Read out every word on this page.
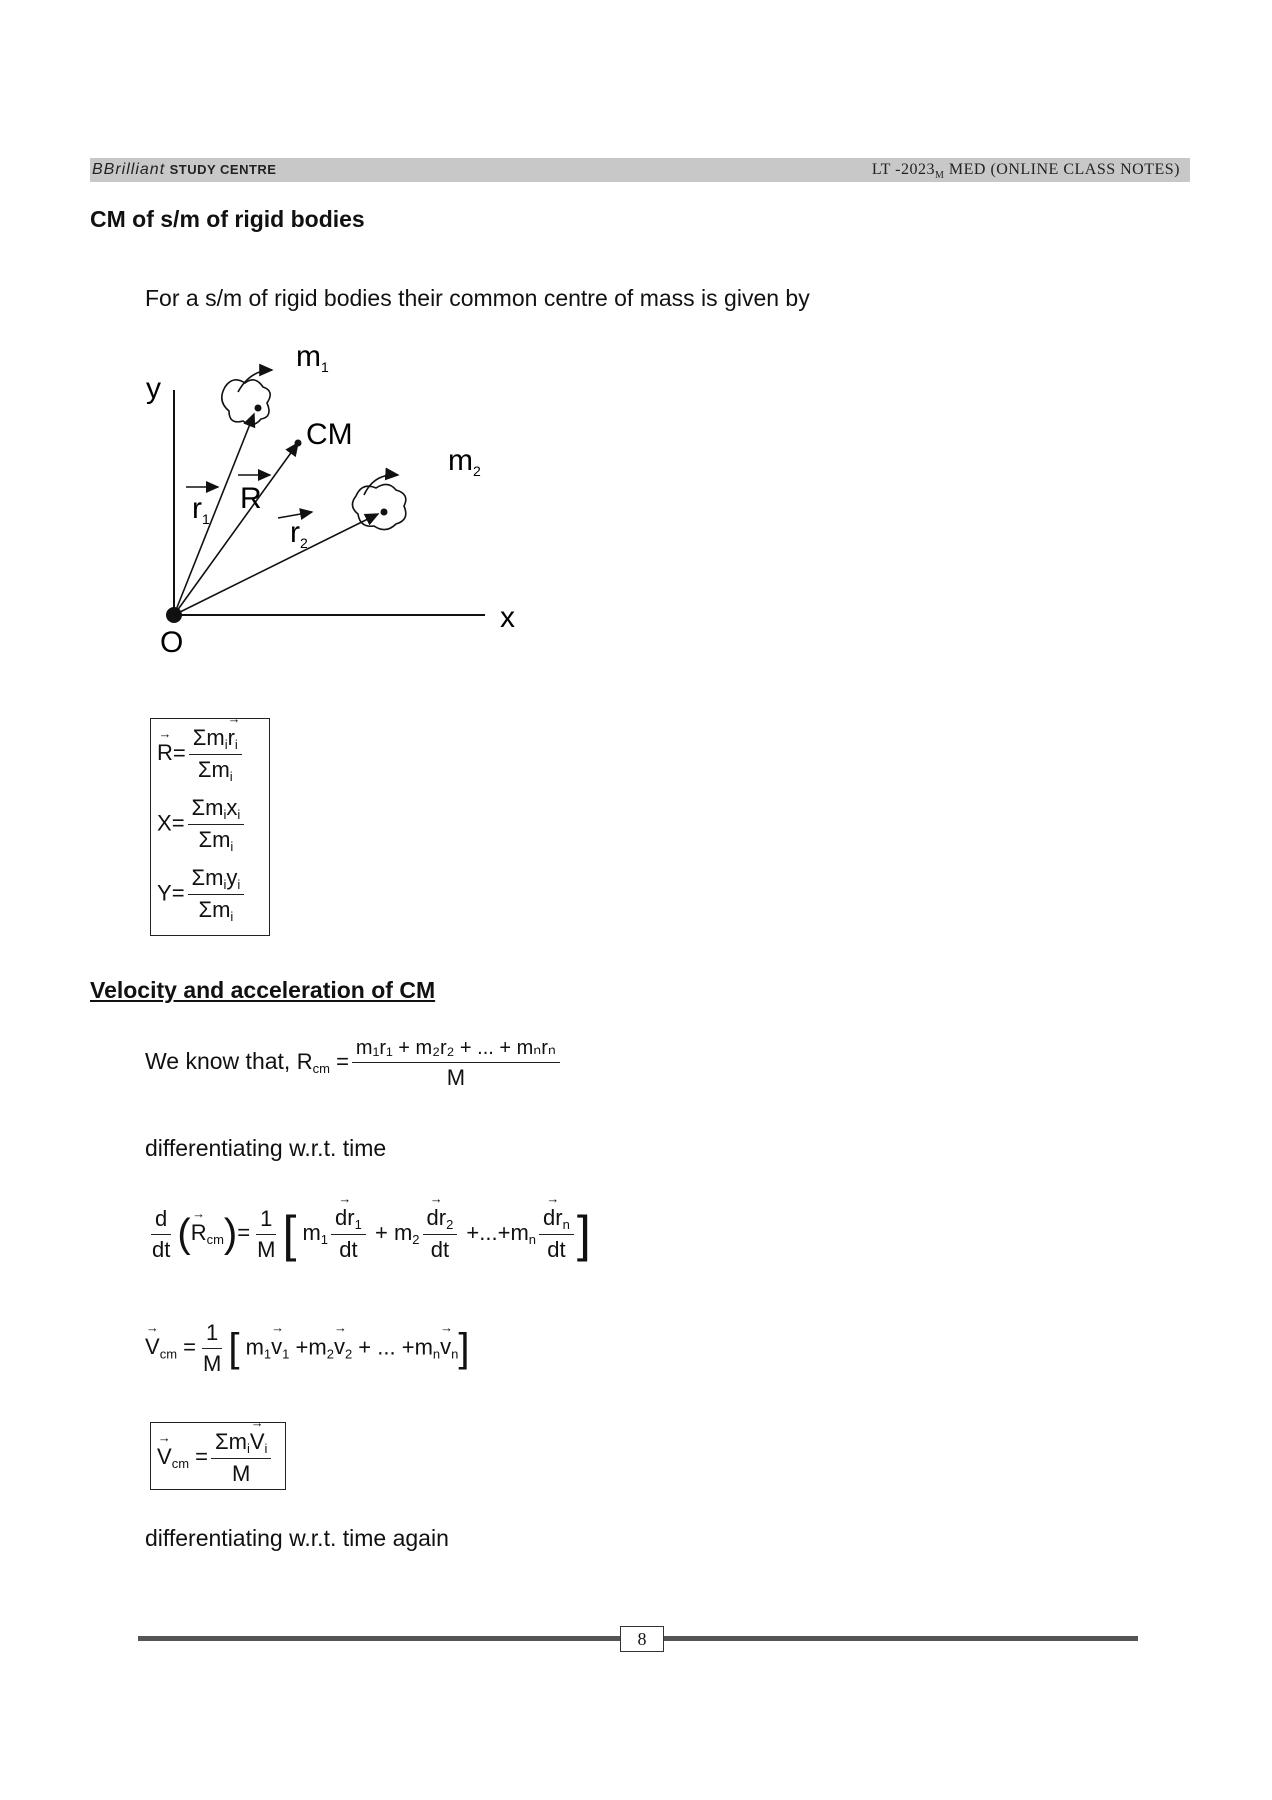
BBrilliant STUDY CENTRE	LT $-2023_M$ MED (ONLINE CLASS NOTES)
CM of s/m of rigid bodies

For a s/m of rigid bodies their common centre of mass is given by

y
x
O
$m_1$
$m_2$
CM
$r_1$
R
$r_2$
→ $R= \frac{\text{Σmi→ ri}}{\text{Σmi}}$
$X= \frac{\text{Σmixi}}{\text{Σmi}}$
$Y= \frac{\text{Σmiyi}}{\text{Σmi}}$
Velocity and acceleration of CM
We know that, Rcm = $\frac{\text{m₁r₁ + m₂r₂ + ... + mₙrₙ}}{M}$

differentiating w.r.t. time

$\frac{d}{dt}$ (→ $Rcm)= \frac{1}{M}$ [ m1
→ $\frac{dr1}{dt} + m2$
→ $\frac{dr2}{dt} +...+mn$
→ $\frac{\text{drn}}{dt}$ ]
→ Vcm = $\frac{1}{M}$ [ m1→ v1 +m2→ v2 + ... +mn→ vn]
→ Vcm = $\frac{\text{Σmi→ Vi}}{M}$

differentiating w.r.t. time again

8
